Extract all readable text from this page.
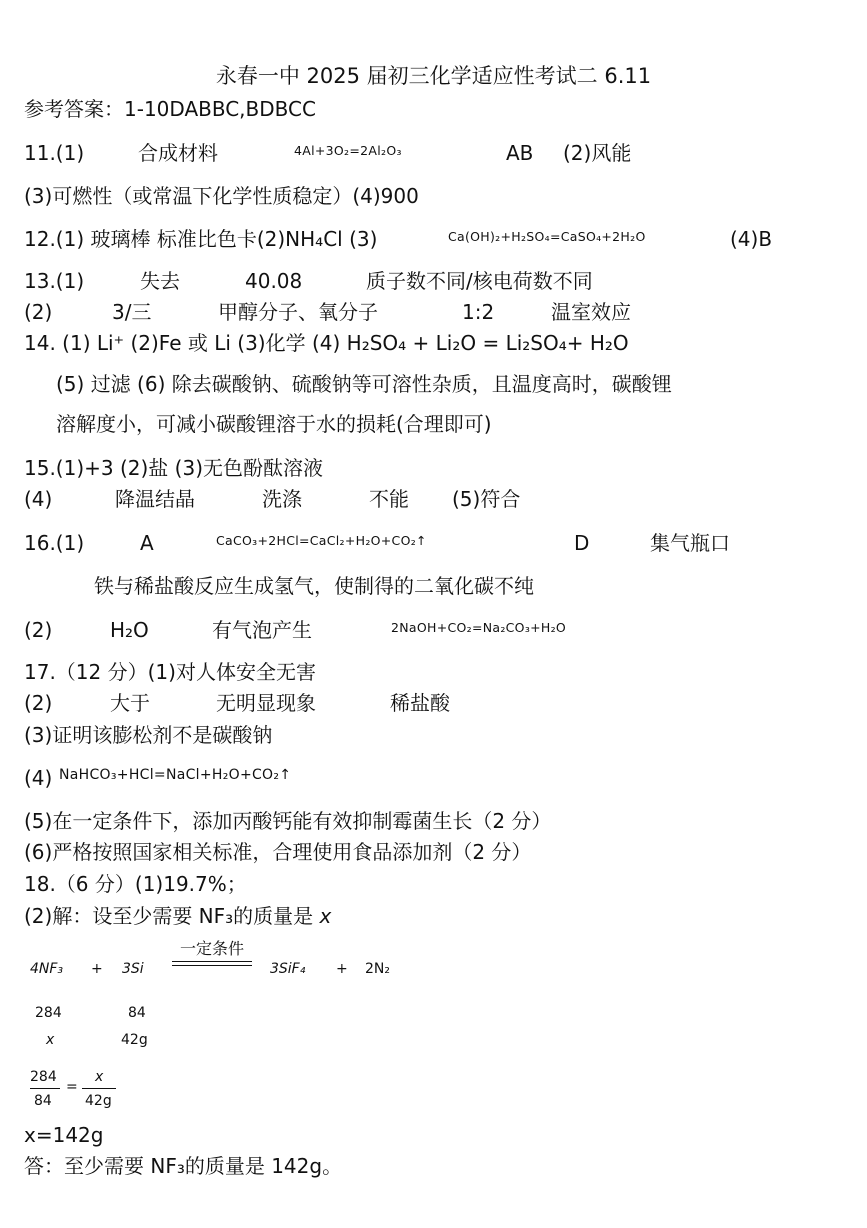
永春一中 2025 届初三化学适应性考试二 6.11
参考答案：1-10DABBC,BDBCC
11.(1)	合成材料	4Al+3O₂=2Al₂O₃	AB (2)风能
(3)可燃性（或常温下化学性质稳定）(4)900
12.(1) 玻璃棒 标准比色卡(2)NH₄Cl (3)	Ca(OH)₂+H₂SO₄=CaSO₄+2H₂O	(4)B
13.(1)	失去	40.08	质子数不同/核电荷数不同
(2)	3/三	甲醇分子、氧分子	1:2	温室效应
14. (1) Li⁺ (2)Fe 或 Li (3)化学 (4) H₂SO₄ + Li₂O = Li₂SO₄+ H₂O
(5) 过滤 (6) 除去碳酸钠、硫酸钠等可溶性杂质，且温度高时，碳酸锂
溶解度小，可减小碳酸锂溶于水的损耗(合理即可)
15.(1)+3 (2)盐 (3)无色酚酞溶液
(4)	降温结晶	洗涤	不能 (5)符合
16.(1)	A	CaCO₃+2HCl=CaCl₂+H₂O+CO₂↑	D	集气瓶口
铁与稀盐酸反应生成氢气，使制得的二氧化碳不纯
(2)	H₂O	有气泡产生	2NaOH+CO₂=Na₂CO₃+H₂O
17.（12 分）(1)对人体安全无害
(2)	大于	无明显现象	稀盐酸
(3)证明该膨松剂不是碳酸钠
(4) NaHCO₃+HCl=NaCl+H₂O+CO₂↑
(5)在一定条件下，添加丙酸钙能有效抑制霉菌生长（2 分）
(6)严格按照国家相关标准，合理使用食品添加剂（2 分）
18.（6 分）(1)19.7%；
(2)解：设至少需要 NF₃的质量是 x
4NF₃ + 3Si
一定条件
3SiF₄ + 2N₂
284	84
x	42g
284
84
=
x
42g
x=142g
答：至少需要 NF₃的质量是 142g。
